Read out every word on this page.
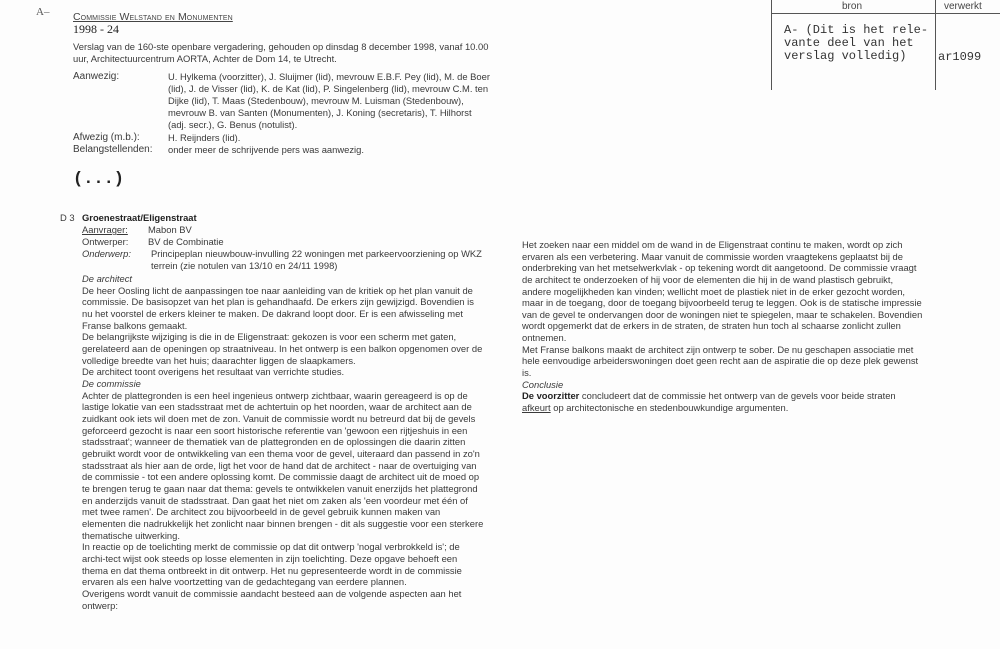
A– Commissie Welstand en Monumenten
1998 - 24
Verslag van de 160-ste openbare vergadering, gehouden op dinsdag 8 december 1998, vanaf 10.00
uur, Architectuurcentrum AORTA, Achter de Dom 14, te Utrecht.
Aanwezig:	U. Hylkema (voorzitter), J. Sluijmer (lid), mevrouw E.B.F. Pey (lid), M. de Boer
(lid), J. de Visser (lid), K. de Kat (lid), P. Singelenberg (lid), mevrouw C.M. ten
Dijke (lid), T. Maas (Stedenbouw), mevrouw M. Luisman (Stedenbouw),
mevrouw B. van Santen (Monumenten), J. Koning (secretaris), T. Hilhorst
(adj. secr.), G. Benus (notulist).
Afwezig (m.b.):	H. Reijnders (lid).
Belangstellenden: onder meer de schrijvende pers was aanwezig.
(...)
bron	verwerkt
A- (Dit is het rele-
vante deel van het
verslag volledig)	ar1099
D 3 Groenestraat/Eligenstraat
Aanvrager: Mabon BV
Ontwerper: BV de Combinatie
Onderwerp: Principeplan nieuwbouw-invulling 22 woningen met parkeervoorziening op WKZ
terrein (zie notulen van 13/10 en 24/11 1998)
De architect
De heer Oosling licht de aanpassingen toe naar aanleiding van de kritiek op het plan vanuit de
commissie. De basisopzet van het plan is gehandhaafd. De erkers zijn gewijzigd. Bovendien is
nu het voorstel de erkers kleiner te maken. De dakrand loopt door. Er is een afwisseling met
Franse balkons gemaakt.
De belangrijkste wijziging is die in de Eligenstraat: gekozen is voor een scherm met gaten,
gerelateerd aan de openingen op straatniveau. In het ontwerp is een balkon opgenomen over de
volledige breedte van het huis; daarachter liggen de slaapkamers.
De architect toont overigens het resultaat van verrichte studies.
De commissie
Achter de plattegronden is een heel ingenieus ontwerp zichtbaar, waarin gereageerd is op de
lastige lokatie van een stadsstraat met de achtertuin op het noorden, waar de architect aan de
zuidkant ook iets wil doen met de zon. Vanuit de commissie wordt nu betreurd dat bij de gevels
geforceerd gezocht is naar een soort historische referentie van 'gewoon een rijtjeshuis in een
stadsstraat'; wanneer de thematiek van de plattegronden en de oplossingen die daarin zitten
gebruikt wordt voor de ontwikkeling van een thema voor de gevel, uiteraard dan passend in zo'n
stadsstraat als hier aan de orde, ligt het voor de hand dat de architect - naar de overtuiging van
de commissie - tot een andere oplossing komt. De commissie daagt de architect uit de moed op
te brengen terug te gaan naar dat thema: gevels te ontwikkelen vanuit enerzijds het plattegrond
en anderzijds vanuit de stadsstraat. Dan gaat het niet om zaken als 'een voordeur met één of
met twee ramen'. De architect zou bijvoorbeeld in de gevel gebruik kunnen maken van
elementen die nadrukkelijk het zonlicht naar binnen brengen - dit als suggestie voor een sterkere
thematische uitwerking.
In reactie op de toelichting merkt de commissie op dat dit ontwerp 'nogal verbrokkeld is'; de
archi-tect wijst ook steeds op losse elementen in zijn toelichting. Deze opgave behoeft een
thema en dat thema ontbreekt in dit ontwerp. Het nu gepresenteerde wordt in de commissie
ervaren als een halve voortzetting van de gedachtegang van eerdere plannen.
Overigens wordt vanuit de commissie aandacht besteed aan de volgende aspecten aan het
ontwerp:
Het zoeken naar een middel om de wand in de Eligenstraat continu te maken, wordt op zich
ervaren als een verbetering. Maar vanuit de commissie worden vraagtekens geplaatst bij de
onderbreking van het metselwerkvlak - op tekening wordt dit aangetoond. De commissie vraagt
de architect te onderzoeken of hij voor de elementen die hij in de wand plastisch gebruikt,
andere mogelijkheden kan vinden; wellicht moet de plastiek niet in de erker gezocht worden,
maar in de toegang, door de toegang bijvoorbeeld terug te leggen. Ook is de statische impressie
van de gevel te ondervangen door de woningen niet te spiegelen, maar te schakelen. Bovendien
wordt opgemerkt dat de erkers in de straten, de straten hun toch al schaarse zonlicht zullen
ontnemen.
Met Franse balkons maakt de architect zijn ontwerp te sober. De nu geschapen associatie met
hele eenvoudige arbeiderswoningen doet geen recht aan de aspiratie die op deze plek gewenst
is.
Conclusie
De voorzitter concludeert dat de commissie het ontwerp van de gevels voor beide straten
afkeurt op architectonische en stedenbouwkundige argumenten.
